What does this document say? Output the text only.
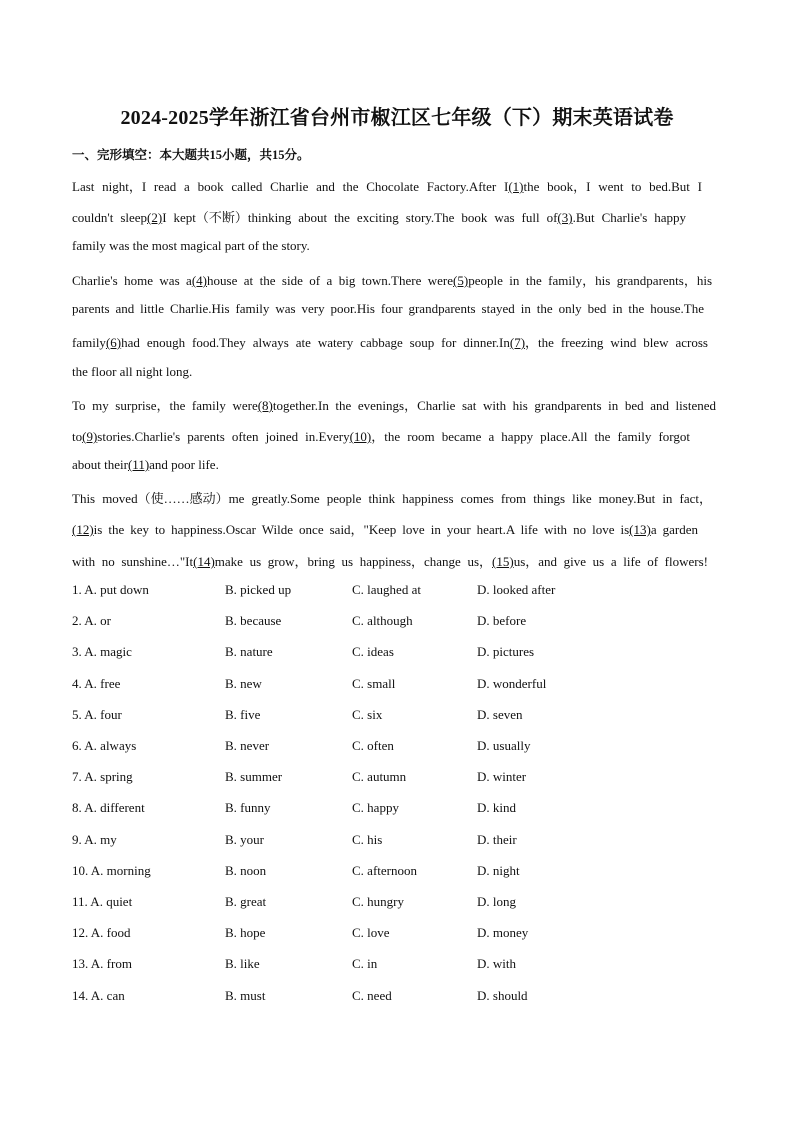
2024-2025学年浙江省台州市椒江区七年级（下）期末英语试卷
一、完形填空：本大题共15小题，共15分。
Last night，I read a book called Charlie and the Chocolate Factory.After I(1)the book，I went to bed.But I
couldn't sleep(2)I kept（不断）thinking about the exciting story.The book was full of(3).But Charlie's happy
family was the most magical part of the story.
Charlie's home was a(4)house at the side of a big town.There were(5)people in the family，his grandparents，his
parents and little Charlie.His family was very poor.His four grandparents stayed in the only bed in the house.The
family(6)had enough food.They always ate watery cabbage soup for dinner.In(7)，the freezing wind blew across
the floor all night long.
To my surprise，the family were(8)together.In the evenings，Charlie sat with his grandparents in bed and listened
to(9)stories.Charlie's parents often joined in.Every(10)，the room became a happy place.All the family forgot
about their(11)and poor life.
This moved（使……感动）me greatly.Some people think happiness comes from things like money.But in fact，
(12)is the key to happiness.Oscar Wilde once said，"Keep love in your heart.A life with no love is(13)a garden
with no sunshine…"It(14)make us grow，bring us happiness，change us，(15)us，and give us a life of flowers!
1. A. put down	B. picked up	C. laughed at	D. looked after
2. A. or	B. because	C. although	D. before
3. A. magic	B. nature	C. ideas	D. pictures
4. A. free	B. new	C. small	D. wonderful
5. A. four	B. five	C. six	D. seven
6. A. always	B. never	C. often	D. usually
7. A. spring	B. summer	C. autumn	D. winter
8. A. different	B. funny	C. happy	D. kind
9. A. my	B. your	C. his	D. their
10. A. morning	B. noon	C. afternoon	D. night
11. A. quiet	B. great	C. hungry	D. long
12. A. food	B. hope	C. love	D. money
13. A. from	B. like	C. in	D. with
14. A. can	B. must	C. need	D. should
